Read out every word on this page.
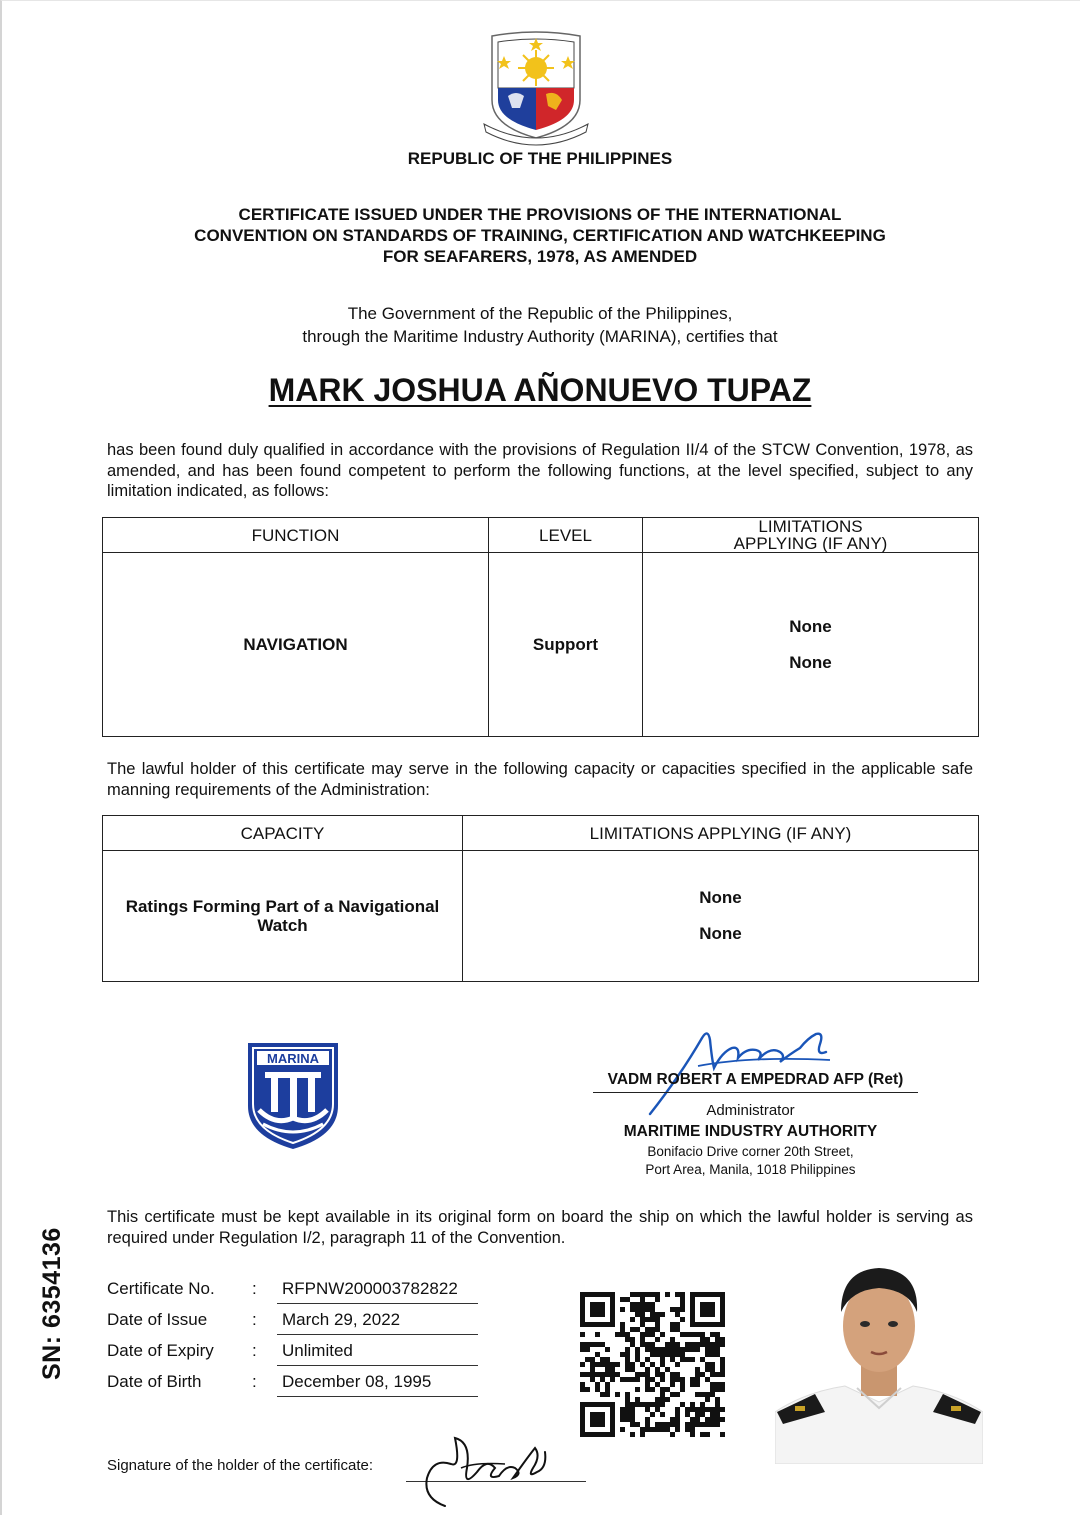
REPUBLIC OF THE PHILIPPINES
CERTIFICATE ISSUED UNDER THE PROVISIONS OF THE INTERNATIONAL
CONVENTION ON STANDARDS OF TRAINING, CERTIFICATION AND WATCHKEEPING
FOR SEAFARERS, 1978, AS AMENDED
The Government of the Republic of the Philippines,
through the Maritime Industry Authority (MARINA), certifies that
MARK JOSHUA AÑONUEVO TUPAZ
has been found duly qualified in accordance with the provisions of Regulation II/4 of the STCW Convention, 1978, as amended, and has been found competent to perform the following functions, at the level specified, subject to any limitation indicated, as follows:
FUNCTION	LEVEL	LIMITATIONS
APPLYING (IF ANY)

NAVIGATION	Support	None
None
The lawful holder of this certificate may serve in the following capacity or capacities specified in the applicable safe manning requirements of the Administration:
CAPACITY	LIMITATIONS APPLYING (IF ANY)
Ratings Forming Part of a Navigational Watch	None
None
MARINA
VADM ROBERT A EMPEDRAD AFP (Ret)
Administrator
MARITIME INDUSTRY AUTHORITY
Bonifacio Drive corner 20th Street,
Port Area, Manila, 1018 Philippines
This certificate must be kept available in its original form on board the ship on which the lawful holder is serving as required under Regulation I/2, paragraph 11 of the Convention.
SN: 6354136 Certificate No. : RFPNW200003782822
Date of Issue	: March 29, 2022
Date of Expiry : Unlimited
Date of Birth	: December 08, 1995
Signature of the holder of the certificate:
